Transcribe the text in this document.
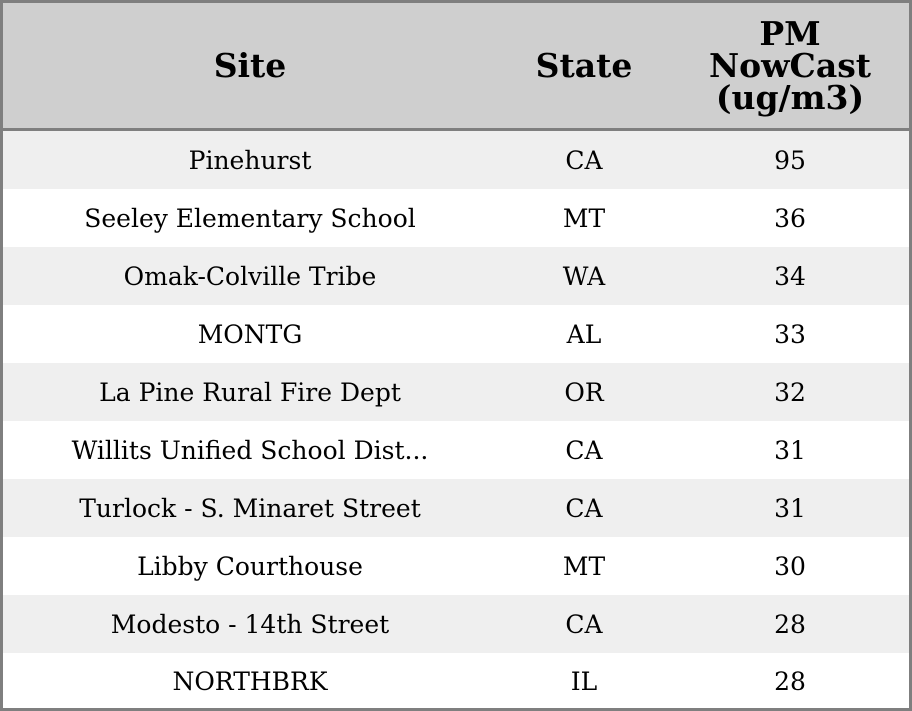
Site	State	PM
NowCast
(ug/m3)

Pinehurst	CA	95
Seeley Elementary School	MT	36
Omak-Colville Tribe	WA	34
MONTG	AL	33
La Pine Rural Fire Dept	OR	32
Willits Unified School Dist...	CA	31
Turlock - S. Minaret Street	CA	31
Libby Courthouse	MT	30
Modesto - 14th Street	CA	28
NORTHBRK	IL	28
